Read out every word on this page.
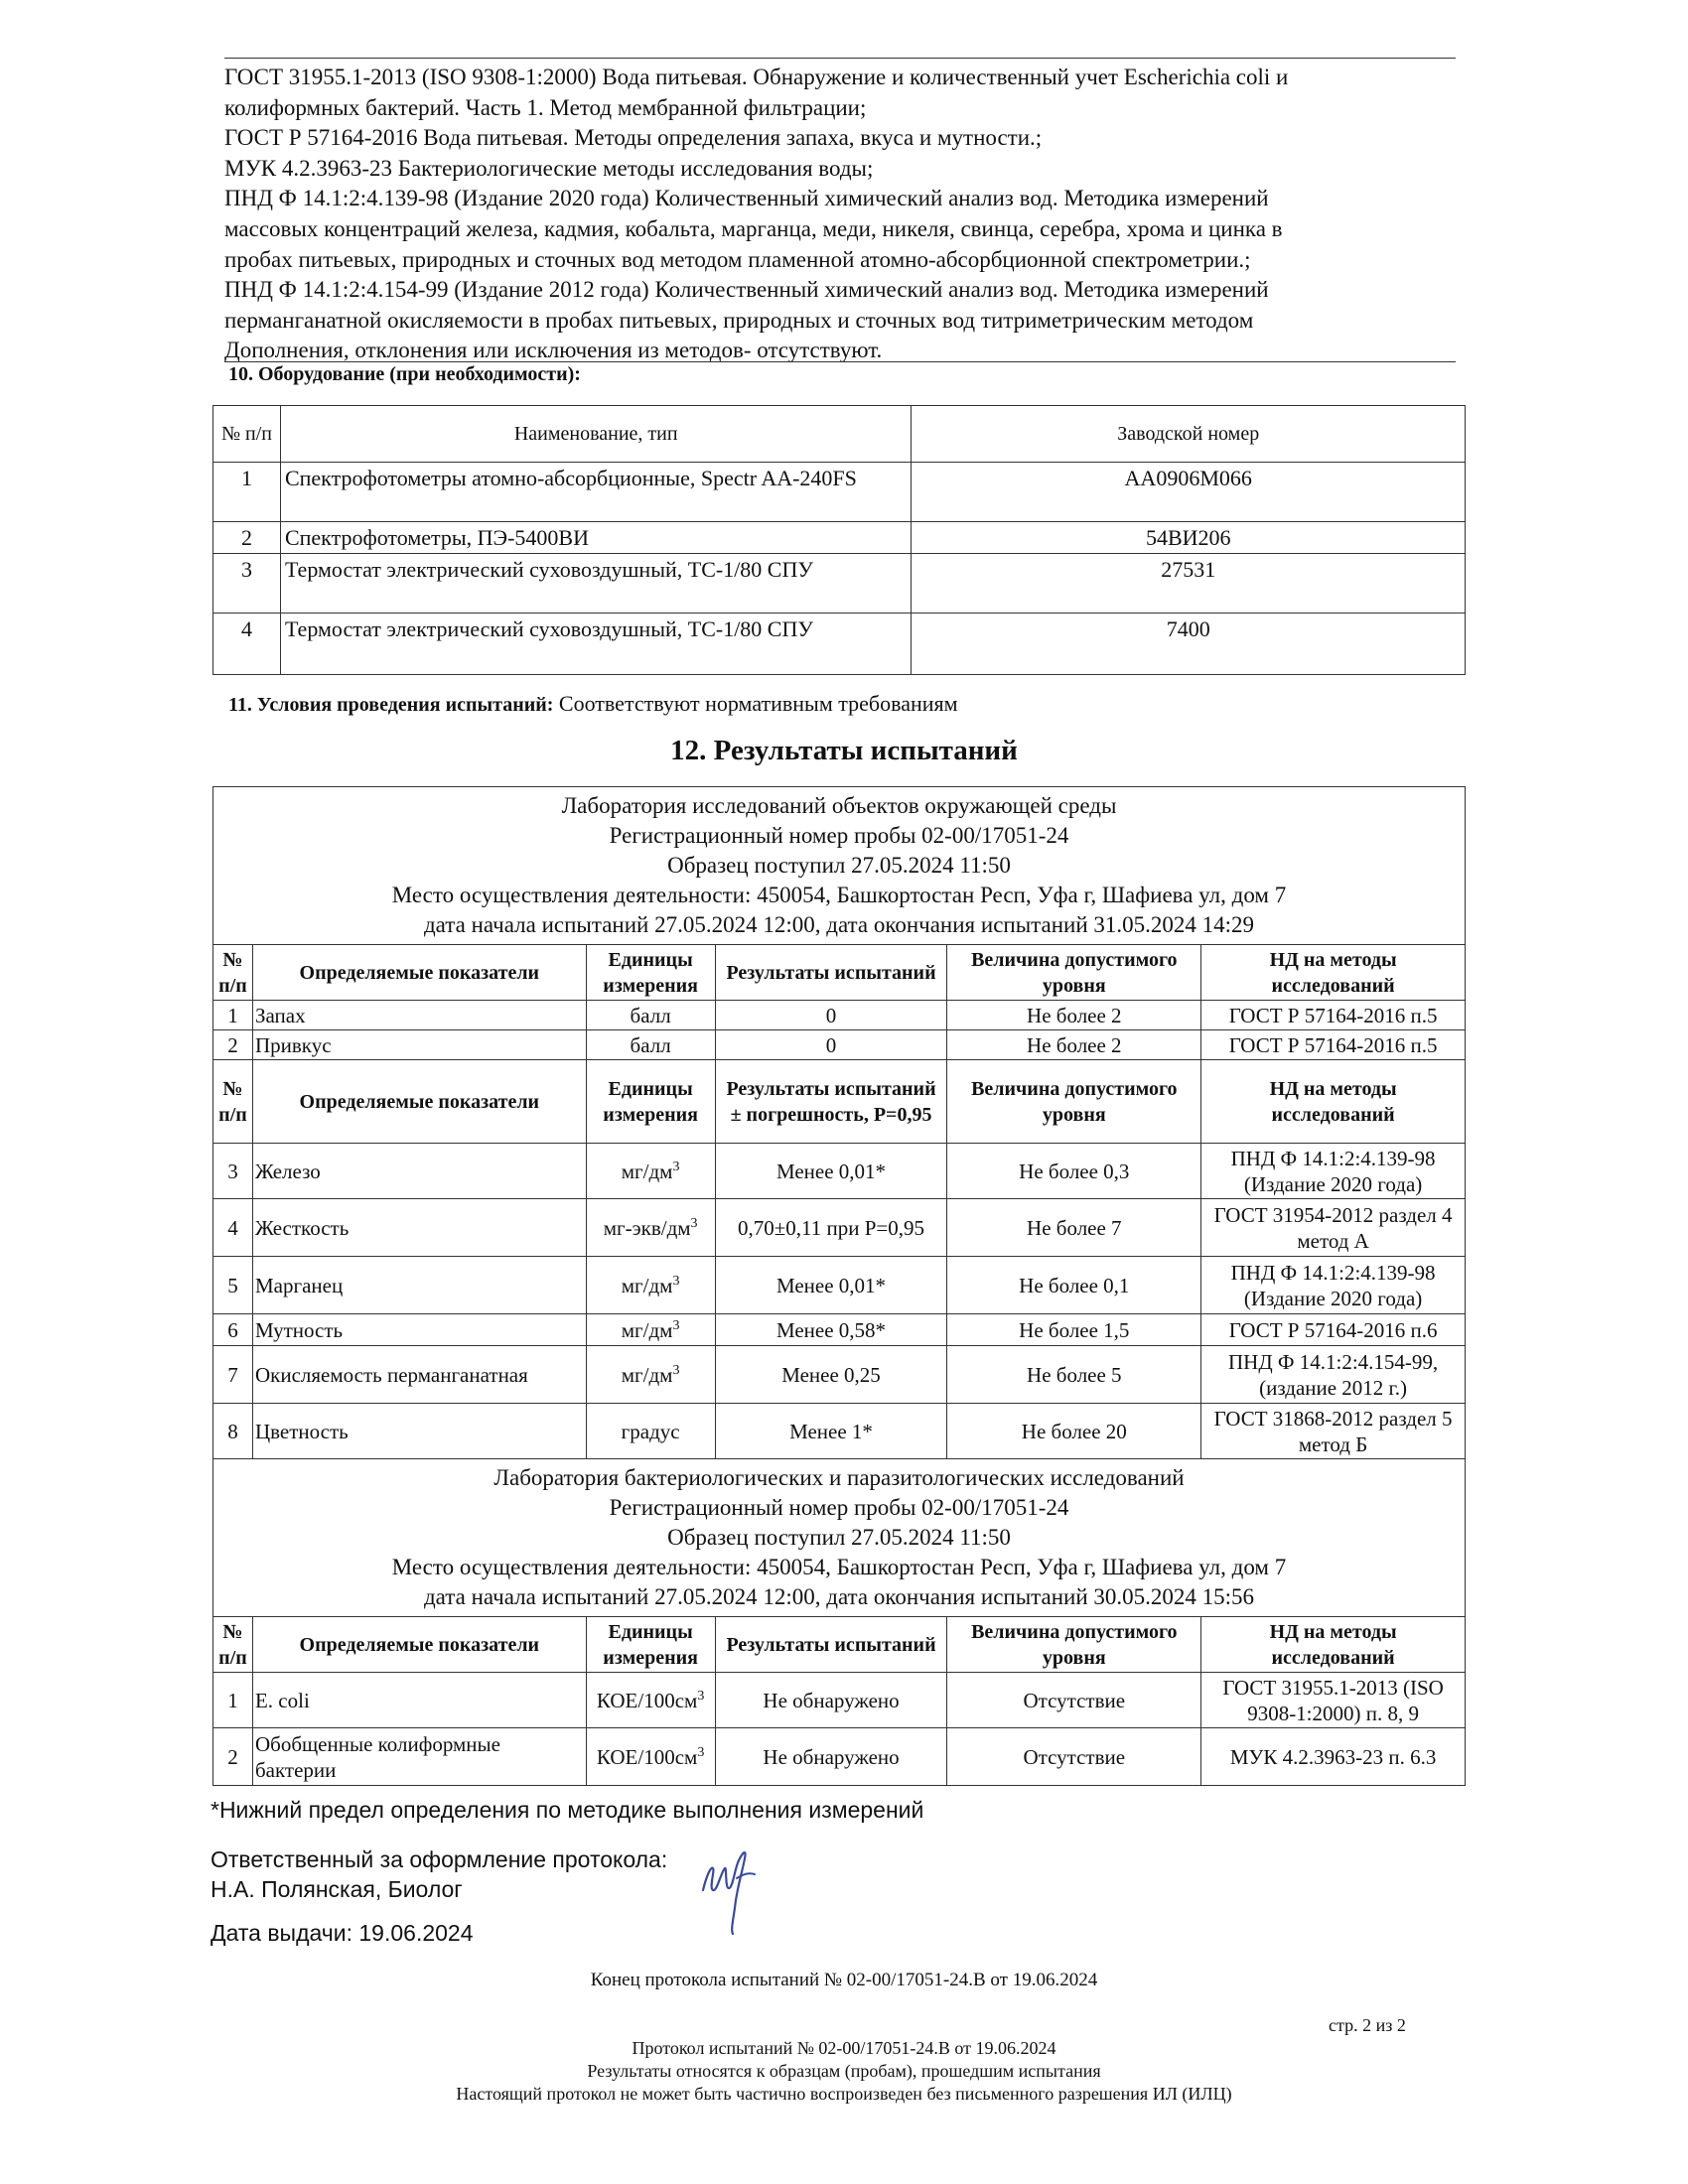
ГОСТ 31955.1-2013 (ISO 9308-1:2000) Вода питьевая. Обнаружение и количественный учет Escherichia coli и
колиформных бактерий. Часть 1. Метод мембранной фильтрации;
ГОСТ Р 57164-2016 Вода питьевая. Методы определения запаха, вкуса и мутности.;
МУК 4.2.3963-23 Бактериологические методы исследования воды;
ПНД Ф 14.1:2:4.139-98 (Издание 2020 года) Количественный химический анализ вод. Методика измерений
массовых концентраций железа, кадмия, кобальта, марганца, меди, никеля, свинца, серебра, хрома и цинка в
пробах питьевых, природных и сточных вод методом пламенной атомно-абсорбционной спектрометрии.;
ПНД Ф 14.1:2:4.154-99 (Издание 2012 года) Количественный химический анализ вод. Методика измерений
перманганатной окисляемости в пробах питьевых, природных и сточных вод титриметрическим методом
Дополнения, отклонения или исключения из методов- отсутствуют.
10. Оборудование (при необходимости):
№ п/п	Наименование, тип	Заводской номер
1	Спектрофотометры атомно-абсорбционные, Spectr AA-240FS	АА0906М066
2	Спектрофотометры, ПЭ-5400ВИ	54ВИ206
3	Термостат электрический суховоздушный, ТС-1/80 СПУ	27531
4	Термостат электрический суховоздушный, ТС-1/80 СПУ	7400
11. Условия проведения испытаний: Соответствуют нормативным требованиям
12. Результаты испытаний
Лаборатория исследований объектов окружающей среды
Регистрационный номер пробы 02-00/17051-24
Образец поступил 27.05.2024 11:50
Место осуществления деятельности: 450054, Башкортостан Респ, Уфа г, Шафиева ул, дом 7
дата начала испытаний 27.05.2024 12:00, дата окончания испытаний 31.05.2024 14:29					

№ п/п	Определяемые показатели	Единицы измерения	Результаты испытаний	Величина допустимого уровня	НД на методы исследований
1	Запах	балл	0	Не более 2	ГОСТ Р 57164-2016 п.5
2	Привкус	балл	0	Не более 2	ГОСТ Р 57164-2016 п.5
№ п/п	Определяемые показатели	Единицы измерения	Результаты испытаний ± погрешность, Р=0,95	Величина допустимого уровня	НД на методы исследований
3	Железо	$мг/дм^3$	Менее 0,01*	Не более 0,3	ПНД Ф 14.1:2:4.139-98 (Издание 2020 года)
4	Жесткость	$мг-экв/дм^3$	0,70±0,11 при Р=0,95	Не более 7	ГОСТ 31954-2012 раздел 4 метод А
5	Марганец	$мг/дм^3$	Менее 0,01*	Не более 0,1	ПНД Ф 14.1:2:4.139-98 (Издание 2020 года)
6	Мутность	$мг/дм^3$	Менее 0,58*	Не более 1,5	ГОСТ Р 57164-2016 п.6
7	Окисляемость перманганатная	$мг/дм^3$	Менее 0,25	Не более 5	ПНД Ф 14.1:2:4.154-99, (издание 2012 г.)
8	Цветность	градус	Менее 1*	Не более 20	ГОСТ 31868-2012 раздел 5 метод Б

Лаборатория бактериологических и паразитологических исследований
Регистрационный номер пробы 02-00/17051-24
Образец поступил 27.05.2024 11:50
Место осуществления деятельности: 450054, Башкортостан Респ, Уфа г, Шафиева ул, дом 7
дата начала испытаний 27.05.2024 12:00, дата окончания испытаний 30.05.2024 15:56					

№ п/п	Определяемые показатели	Единицы измерения	Результаты испытаний	Величина допустимого уровня	НД на методы исследований
1	E. coli	КОЕ/$100см^3$	Не обнаружено	Отсутствие	ГОСТ 31955.1-2013 (ISO 9308-1:2000) п. 8, 9
2	Обобщенные колиформные бактерии	КОЕ/$100см^3$	Не обнаружено	Отсутствие	МУК 4.2.3963-23 п. 6.3
*Нижний предел определения по методике выполнения измерений
Ответственный за оформление протокола:
Н.А. Полянская, Биолог
Дата выдачи: 19.06.2024
Конец протокола испытаний № 02-00/17051-24.В от 19.06.2024
стр. 2 из 2
Протокол испытаний № 02-00/17051-24.В от 19.06.2024
Результаты относятся к образцам (пробам), прошедшим испытания
Настоящий протокол не может быть частично воспроизведен без письменного разрешения ИЛ (ИЛЦ)
